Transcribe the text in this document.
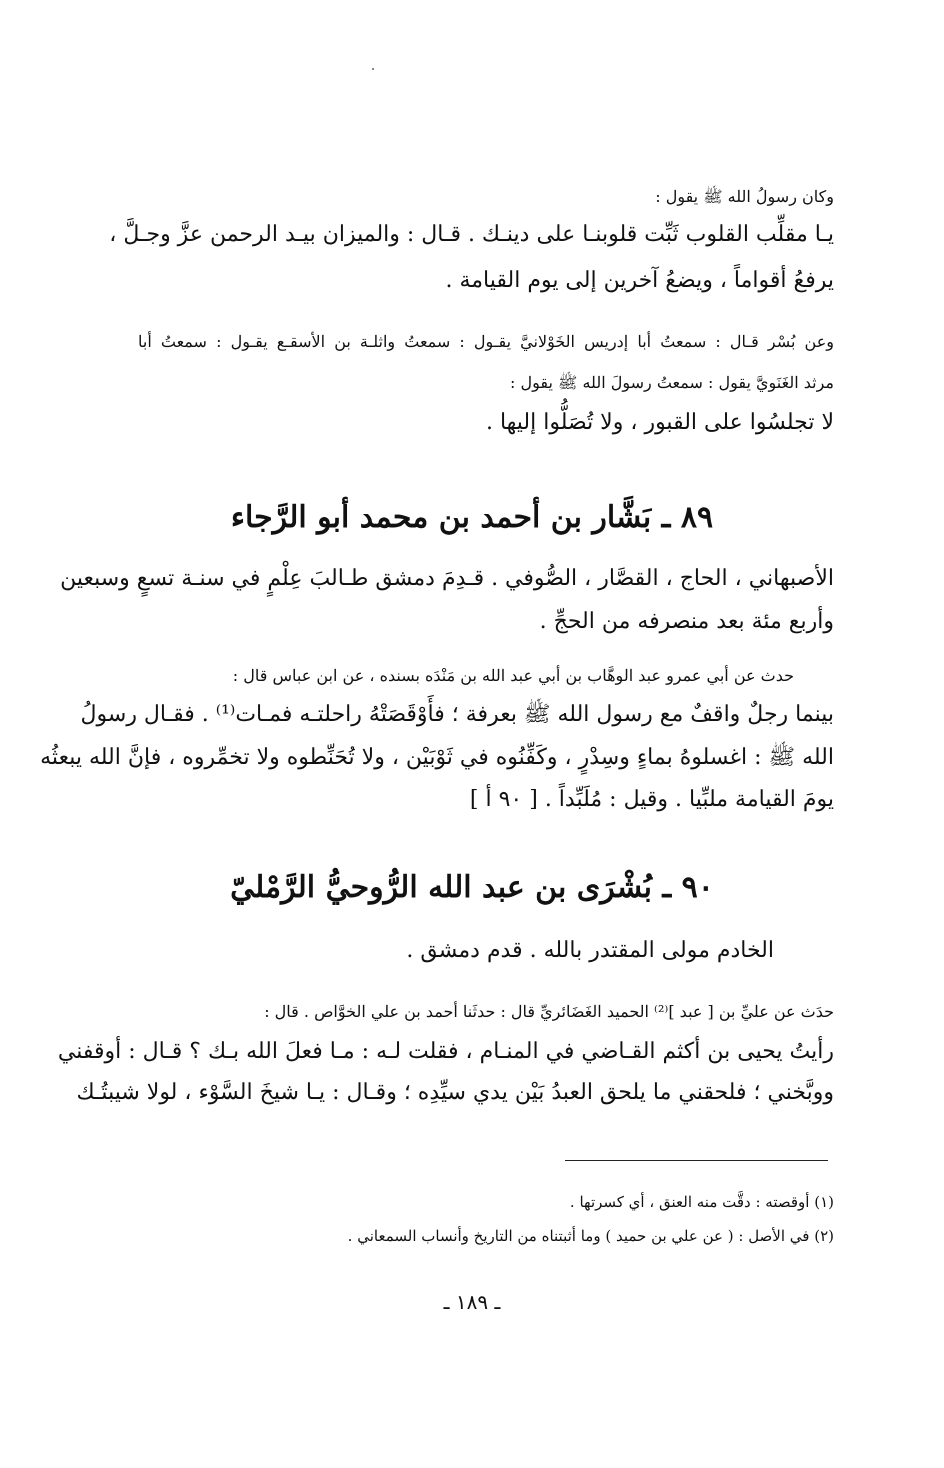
وكان رسولُ الله ﷺ يقول :
يـا مقلِّب القلوب ثَبِّت قلوبنـا على دينـك . قـال : والميزان بيـد الرحمن عزَّ وجـلَّ ،
يرفعُ أقواماً ، ويضعُ آخرين إلى يوم القيامة .
وعن بُسْر قـال : سمعتُ أبا إدريس الخَوْلانيَّ يقـول : سمعتُ واثلـة بن الأسقـع يقـول : سمعتُ أبا
مرثد الغَنَويَّ يقول : سمعتُ رسولَ الله ﷺ يقول :
لا تجلسُوا على القبور ، ولا تُصَلُّوا إليها .
٨٩ ـ بَشَّار بن أحمد بن محمد أبو الرَّجاء
الأصبهاني ، الحاج ، القصَّار ، الصُّوفي . قـدِمَ دمشق طـالبَ عِلْمٍ في سنـة تسعٍ وسبعين
وأربع مئة بعد منصرفه من الحجِّ .
حدث عن أبي عمرو عبد الوهَّاب بن أبي عبد الله بن مَنْدَه بسنده ، عن ابن عباس قال :
بينما رجلٌ واقفٌ مع رسول الله ﷺ بعرفة ؛ فأَوْقَصَتْهُ راحلتـه فمـات⁽¹⁾ . فقـال رسولُ
الله ﷺ : اغسلوهُ بماءٍ وسِدْرٍ ، وكَفِّنُوه في ثَوْبَيْن ، ولا تُحَنِّطوه ولا تخمِّروه ، فإنَّ الله يبعثُه
يومَ القيامة ملبِّيا . وقيل : مُلَبِّداً . [ ٩٠ أ ]
٩٠ ـ بُشْرَى بن عبد الله الرُّوحيُّ الرَّمْليّ
الخادم مولى المقتدر بالله . قدم دمشق .
حدَث عن عليِّ بن [ عبد ]⁽²⁾ الحميد الغَضَائريِّ قال : حدثَنا أحمد بن علي الخوَّاص . قال :
رأيتُ يحيى بن أكثم القـاضي في المنـام ، فقلت لـه : مـا فعلَ الله بـك ؟ قـال : أوقفني
ووبَّخني ؛ فلحقني ما يلحق العبدُ بَيْن يدي سيِّدِه ؛ وقـال : يـا شيخَ السَّوْء ، لولا شيبتُـك
(١) أوقصته : دقَّت منه العنق ، أي كسرتها .
(٢) في الأصل : ( عن علي بن حميد ) وما أثبتناه من التاريخ وأنساب السمعاني .
ـ ١٨٩ ـ
